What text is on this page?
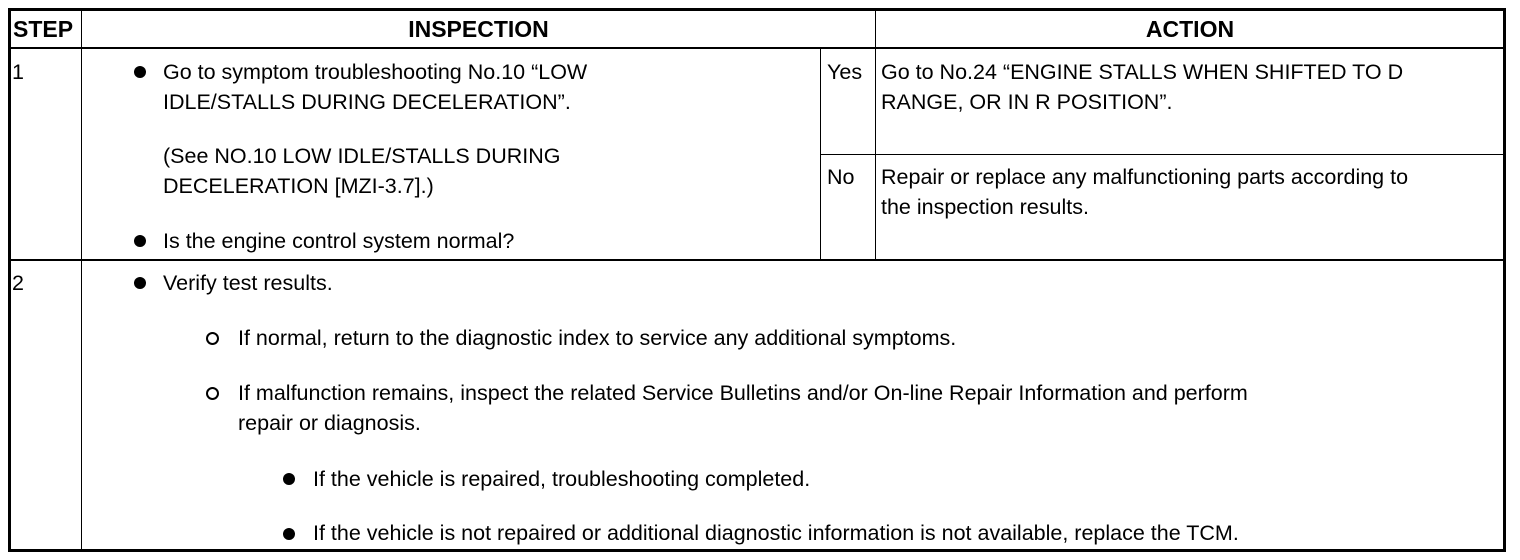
STEP	INSPECTION	ACTION
1	Go to symptom troubleshooting No.10 “LOW
IDLE/STALLS DURING DECELERATION”.
(See NO.10 LOW IDLE/STALLS DURING
DECELERATION [MZI-3.7].)
Is the engine control system normal?
Yes Go to No.24 “ENGINE STALLS WHEN SHIFTED TO D
RANGE, OR IN R POSITION”.
No Repair or replace any malfunctioning parts according to
the inspection results.
2	Verify test results.
If normal, return to the diagnostic index to service any additional symptoms.
If malfunction remains, inspect the related Service Bulletins and/or On-line Repair Information and perform
repair or diagnosis.
If the vehicle is repaired, troubleshooting completed.
If the vehicle is not repaired or additional diagnostic information is not available, replace the TCM.
